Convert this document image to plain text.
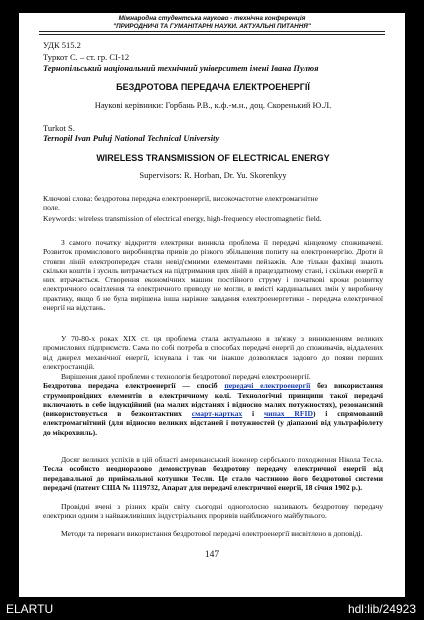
Міжнародна студентська науково - технічна конференція
"ПРИРОДНИЧІ ТА ГУМАНІТАРНІ НАУКИ. АКТУАЛЬНІ ПИТАННЯ"
УДК 515.2
Туркот С. – ст. гр. СІ-12
Тернопільський національний технічний університет імені Івана Пулюя
БЕЗДРОТОВА ПЕРЕДАЧА ЕЛЕКТРОЕНЕРГІЇ
Наукові керівники: Горбань Р.В., к.ф.-м.н., доц. Скоренький Ю.Л.
Turkot S.
Ternopil Ivan Puluj National Technical University
WIRELESS TRANSMISSION OF ELECTRICAL ENERGY
Supervisors: R. Horban, Dr. Yu. Skorenkyy
Ключові слова: бездротова передача електроенергії, високочастотне електромагнітне
поле.
Keywords: wireless transmission of electrical energy, high-frequency electromagnetic field.
З самого початку відкриття електрики виникла проблема її передачі кінцевому споживачеві. Розвиток промислового виробництва привів до різкого збільшення попиту на електроенергію. Дроти й стовпи ліній електропередач стали невід'ємними елементами пейзажів. Але тільки фахівці знають скільки коштів і зусиль витрачається на підтримання цих ліній в працездатному стані, і скільки енергії в них втрачається. Створення економічних машин постійного струму і початкові кроки розвитку електричного освітлення та електричного приводу не могли, в вмісті кардинальних змін у виробничу практику, якщо б не була вирішена інша наріжне завдання електроенергетики - передача електричної енергії на відстань.
У 70-80-х роках XIX ст. ця проблема стала актуальною в зв'язку з виникненням великих промислових підприємств. Сама по собі потреба в способах передачі енергії до споживачів, віддалених від джерел механічної енергії, існувала і так чи інакше дозволялася задовго до появи перших електростанцій.
Вирішення даної проблеми є технологія бездротової передачі електроенергії.
Бездротова передача електроенергії — спосіб передачі електроенергії без використання струмопровідних елементів в електричному колі. Технологічні принципи такої передачі включають в себе індукційний (на малих відстанях і відносно малих потужностях), резонансний (використовується в безконтактних смарт-картках і чипах RFID) і спрямований електромагнітний (для відносно великих відстаней і потужностей (у діапазоні від ультрафіолету до мікрохвиль).
Досяг великих успіхів в цій області американський інженер сербського походження Нікола Тесла. Тесла особисто неодноразово демонстрував бездротову передачу електричної енергії від передавальної до приймальної котушки Тесли. Це стало частиною його бездротової системи передачі (патент США № 1119732, Апарат для передачі електричної енергії, 18 січня 1902 р.).
Провідні вчені з різних країн світу сьогодні одноголосно називають бездротову передачу електрики одним з найважливіших індустріальних проривів найближчого майбутнього.
Методи та переваги використання бездротової передачі електроенергії висвітлено в доповіді.
147
ELARTU	hdl:lib/24923
